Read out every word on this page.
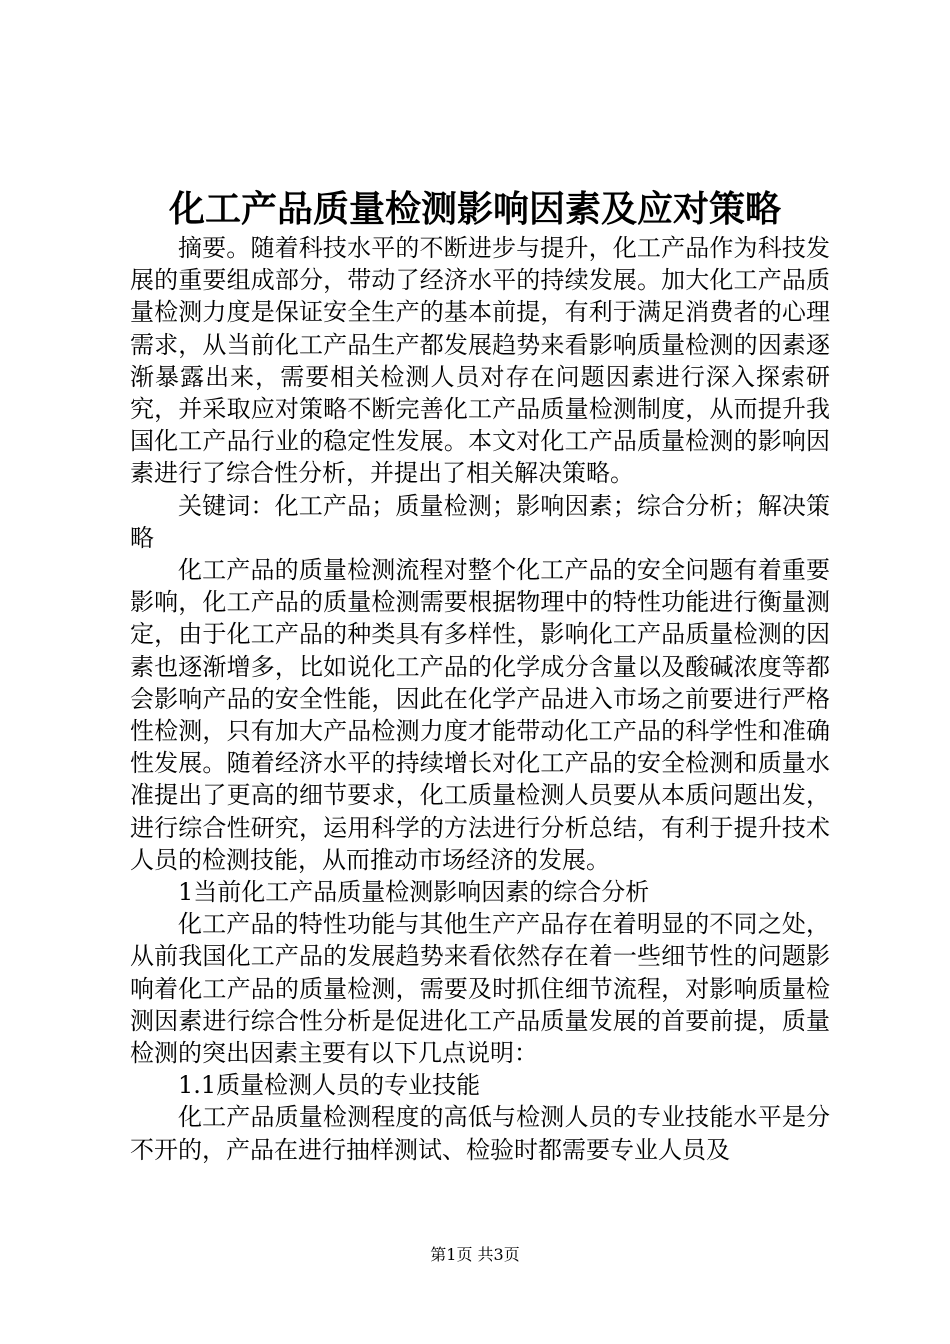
化工产品质量检测影响因素及应对策略

摘要。随着科技水平的不断进步与提升，化工产品作为科技发展的重要组成部分，带动了经济水平的持续发展。加大化工产品质量检测力度是保证安全生产的基本前提，有利于满足消费者的心理需求，从当前化工产品生产都发展趋势来看影响质量检测的因素逐渐暴露出来，需要相关检测人员对存在问题因素进行深入探索研究，并采取应对策略不断完善化工产品质量检测制度，从而提升我国化工产品行业的稳定性发展。本文对化工产品质量检测的影响因素进行了综合性分析，并提出了相关解决策略。

关键词：化工产品；质量检测；影响因素；综合分析；解决策略

化工产品的质量检测流程对整个化工产品的安全问题有着重要影响，化工产品的质量检测需要根据物理中的特性功能进行衡量测定，由于化工产品的种类具有多样性，影响化工产品质量检测的因素也逐渐增多，比如说化工产品的化学成分含量以及酸碱浓度等都会影响产品的安全性能，因此在化学产品进入市场之前要进行严格性检测，只有加大产品检测力度才能带动化工产品的科学性和准确性发展。随着经济水平的持续增长对化工产品的安全检测和质量水准提出了更高的细节要求，化工质量检测人员要从本质问题出发，进行综合性研究，运用科学的方法进行分析总结，有利于提升技术人员的检测技能，从而推动市场经济的发展。

1当前化工产品质量检测影响因素的综合分析

化工产品的特性功能与其他生产产品存在着明显的不同之处，从前我国化工产品的发展趋势来看依然存在着一些细节性的问题影响着化工产品的质量检测，需要及时抓住细节流程，对影响质量检测因素进行综合性分析是促进化工产品质量发展的首要前提，质量检测的突出因素主要有以下几点说明：

1.1质量检测人员的专业技能

化工产品质量检测程度的高低与检测人员的专业技能水平是分不开的，产品在进行抽样测试、检验时都需要专业人员及

第1页 共3页
